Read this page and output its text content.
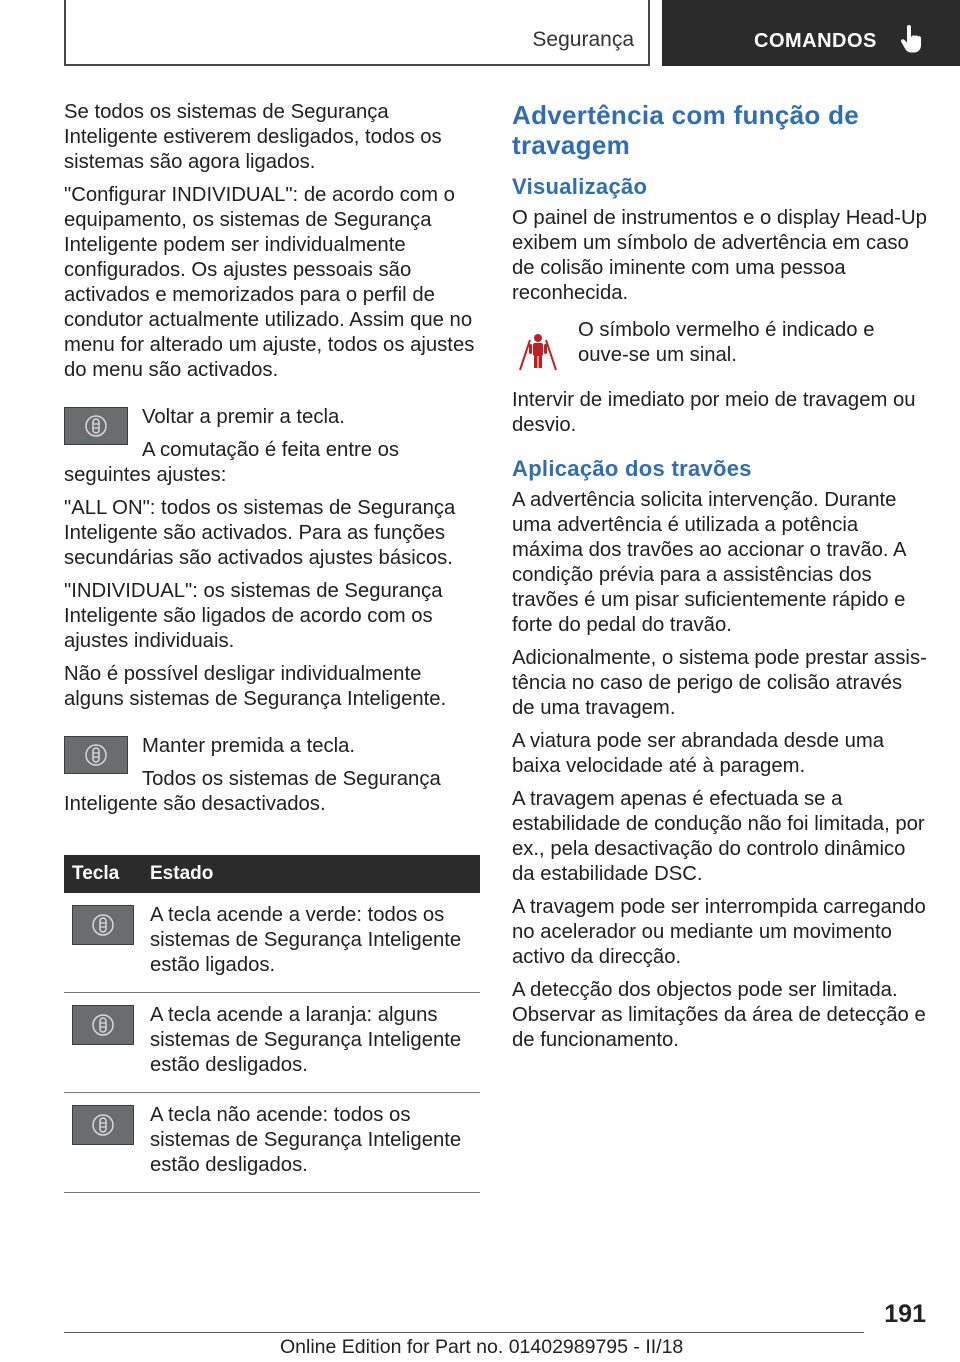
Segurança	COMANDOS

Se todos os sistemas de Segurança Inteligente estiverem desligados, todos os sistemas são agora ligados.

"Configurar INDIVIDUAL": de acordo com o equipamento, os sistemas de Segurança Inteligente podem ser individualmente configurados. Os ajustes pessoais são activados e memorizados para o perfil de condutor actualmente utilizado. Assim que no menu for alterado um ajuste, todos os ajustes do menu são activados.

Voltar a premir a tecla.

A comutação é feita entre os seguintes ajustes:

"ALL ON": todos os sistemas de Segurança Inteligente são activados. Para as funções secundárias são activados ajustes básicos.

"INDIVIDUAL": os sistemas de Segurança Inteligente são ligados de acordo com os ajustes individuais.

Não é possível desligar individualmente alguns sistemas de Segurança Inteligente.

Manter premida a tecla.

Todos os sistemas de Segurança Inteligente são desactivados.

Tecla	Estado

	A tecla acende a verde: todos os sistemas de Segurança Inteligente estão ligados.

	A tecla acende a laranja: alguns sistemas de Segurança Inteligente estão desligados.

	A tecla não acende: todos os sistemas de Segurança Inteligente estão desligados.
Advertência com função de travagem
Visualização

O painel de instrumentos e o display Head-Up exibem um símbolo de advertência em caso de colisão iminente com uma pessoa reconhecida.

O símbolo vermelho é indicado e ouve-se um sinal.

Intervir de imediato por meio de travagem ou desvio.

Aplicação dos travões

A advertência solicita intervenção. Durante uma advertência é utilizada a potência máxima dos travões ao accionar o travão. A condição prévia para a assistências dos travões é um pisar suficientemente rápido e forte do pedal do travão.

Adicionalmente, o sistema pode prestar assistência no caso de perigo de colisão através de uma travagem.

A viatura pode ser abrandada desde uma baixa velocidade até à paragem.

A travagem apenas é efectuada se a estabilidade de condução não foi limitada, por ex., pela desactivação do controlo dinâmico da estabilidade DSC.

A travagem pode ser interrompida carregando no acelerador ou mediante um movimento activo da direcção.

A detecção dos objectos pode ser limitada. Observar as limitações da área de detecção e de funcionamento.

191
Online Edition for Part no. 01402989795 - II/18
